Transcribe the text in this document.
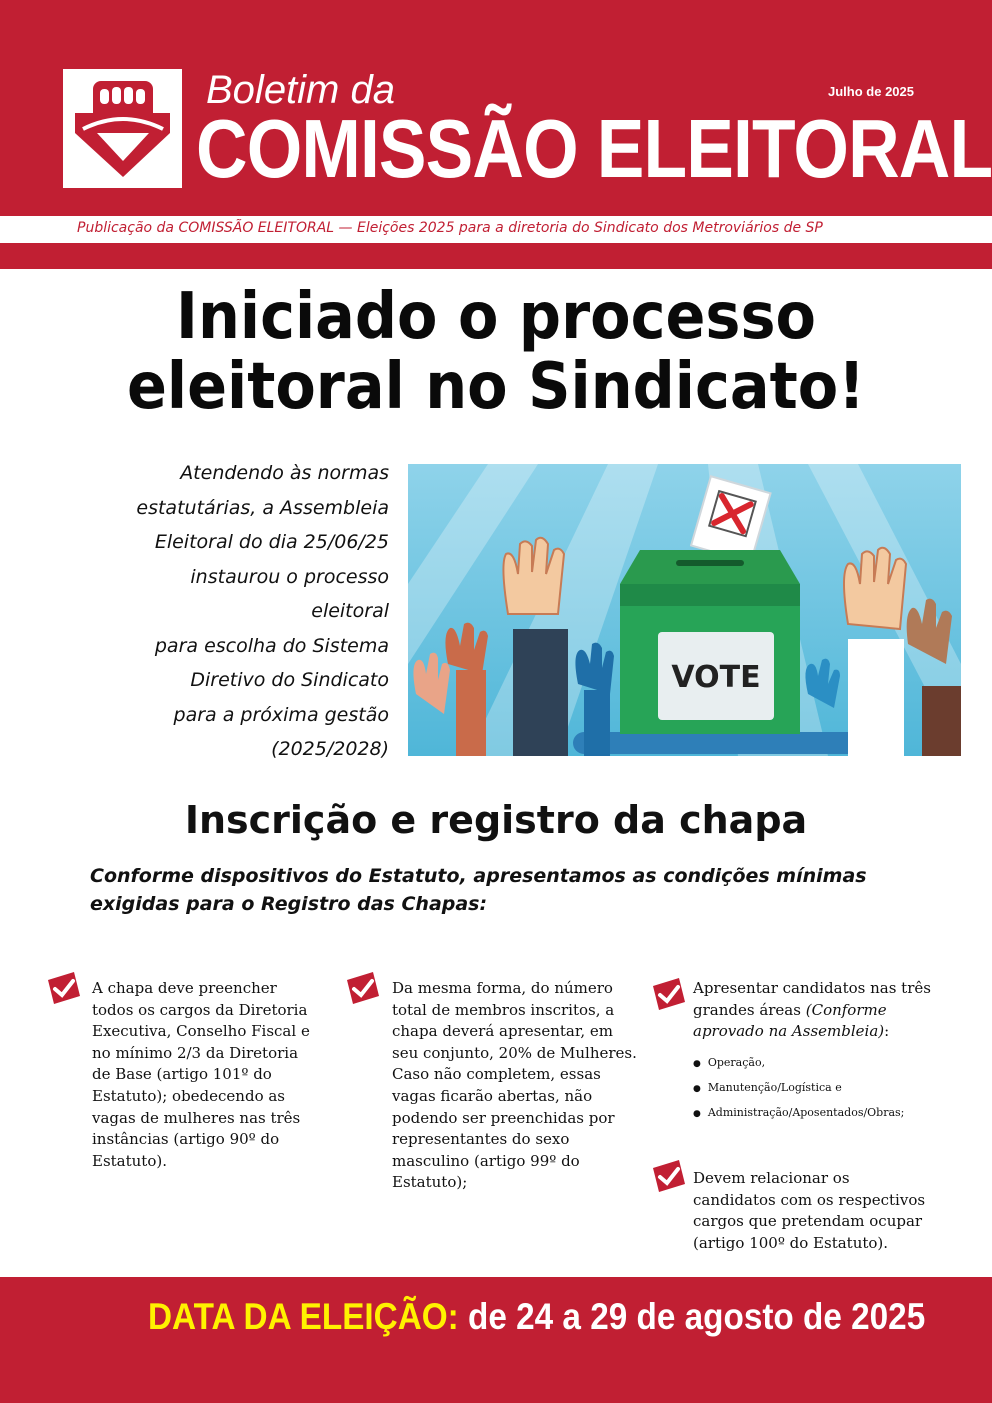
Boletim da

COMISSÃO ELEITORAL

Julho de 2025
Publicação da COMISSÃO ELEITORAL — Eleições 2025 para a diretoria do Sindicato dos Metroviários de SP
Iniciado o processo
eleitoral no Sindicato!

Atendendo às normas
estatutárias, a Assembleia
Eleitoral do dia 25/06/25
instaurou o processo
eleitoral
para escolha do Sistema
Diretivo do Sindicato
para a próxima gestão
(2025/2028)

VOTE
Inscrição e registro da chapa

Conforme dispositivos do Estatuto, apresentamos as condições mínimas
exigidas para o Registro das Chapas:

A chapa deve preencher todos os cargos da Diretoria Executiva, Conselho Fiscal e no mínimo 2/3 da Diretoria de Base (artigo 101º do Estatuto); obedecendo as vagas de mulheres nas três instâncias (artigo 90º do Estatuto).
Da mesma forma, do número total de membros inscritos, a chapa deverá apresentar, em seu conjunto, 20% de Mulheres. Caso não completem, essas vagas ficarão abertas, não podendo ser preenchidas por representantes do sexo masculino (artigo 99º do Estatuto);
Apresentar candidatos nas três grandes áreas (Conforme aprovado na Assembleia):
● Operação,
● Manutenção/Logística e
● Administração/Aposentados/Obras;
Devem relacionar os candidatos com os respectivos cargos que pretendam ocupar (artigo 100º do Estatuto).
DATA DA ELEIÇÃO: de 24 a 29 de agosto de 2025
